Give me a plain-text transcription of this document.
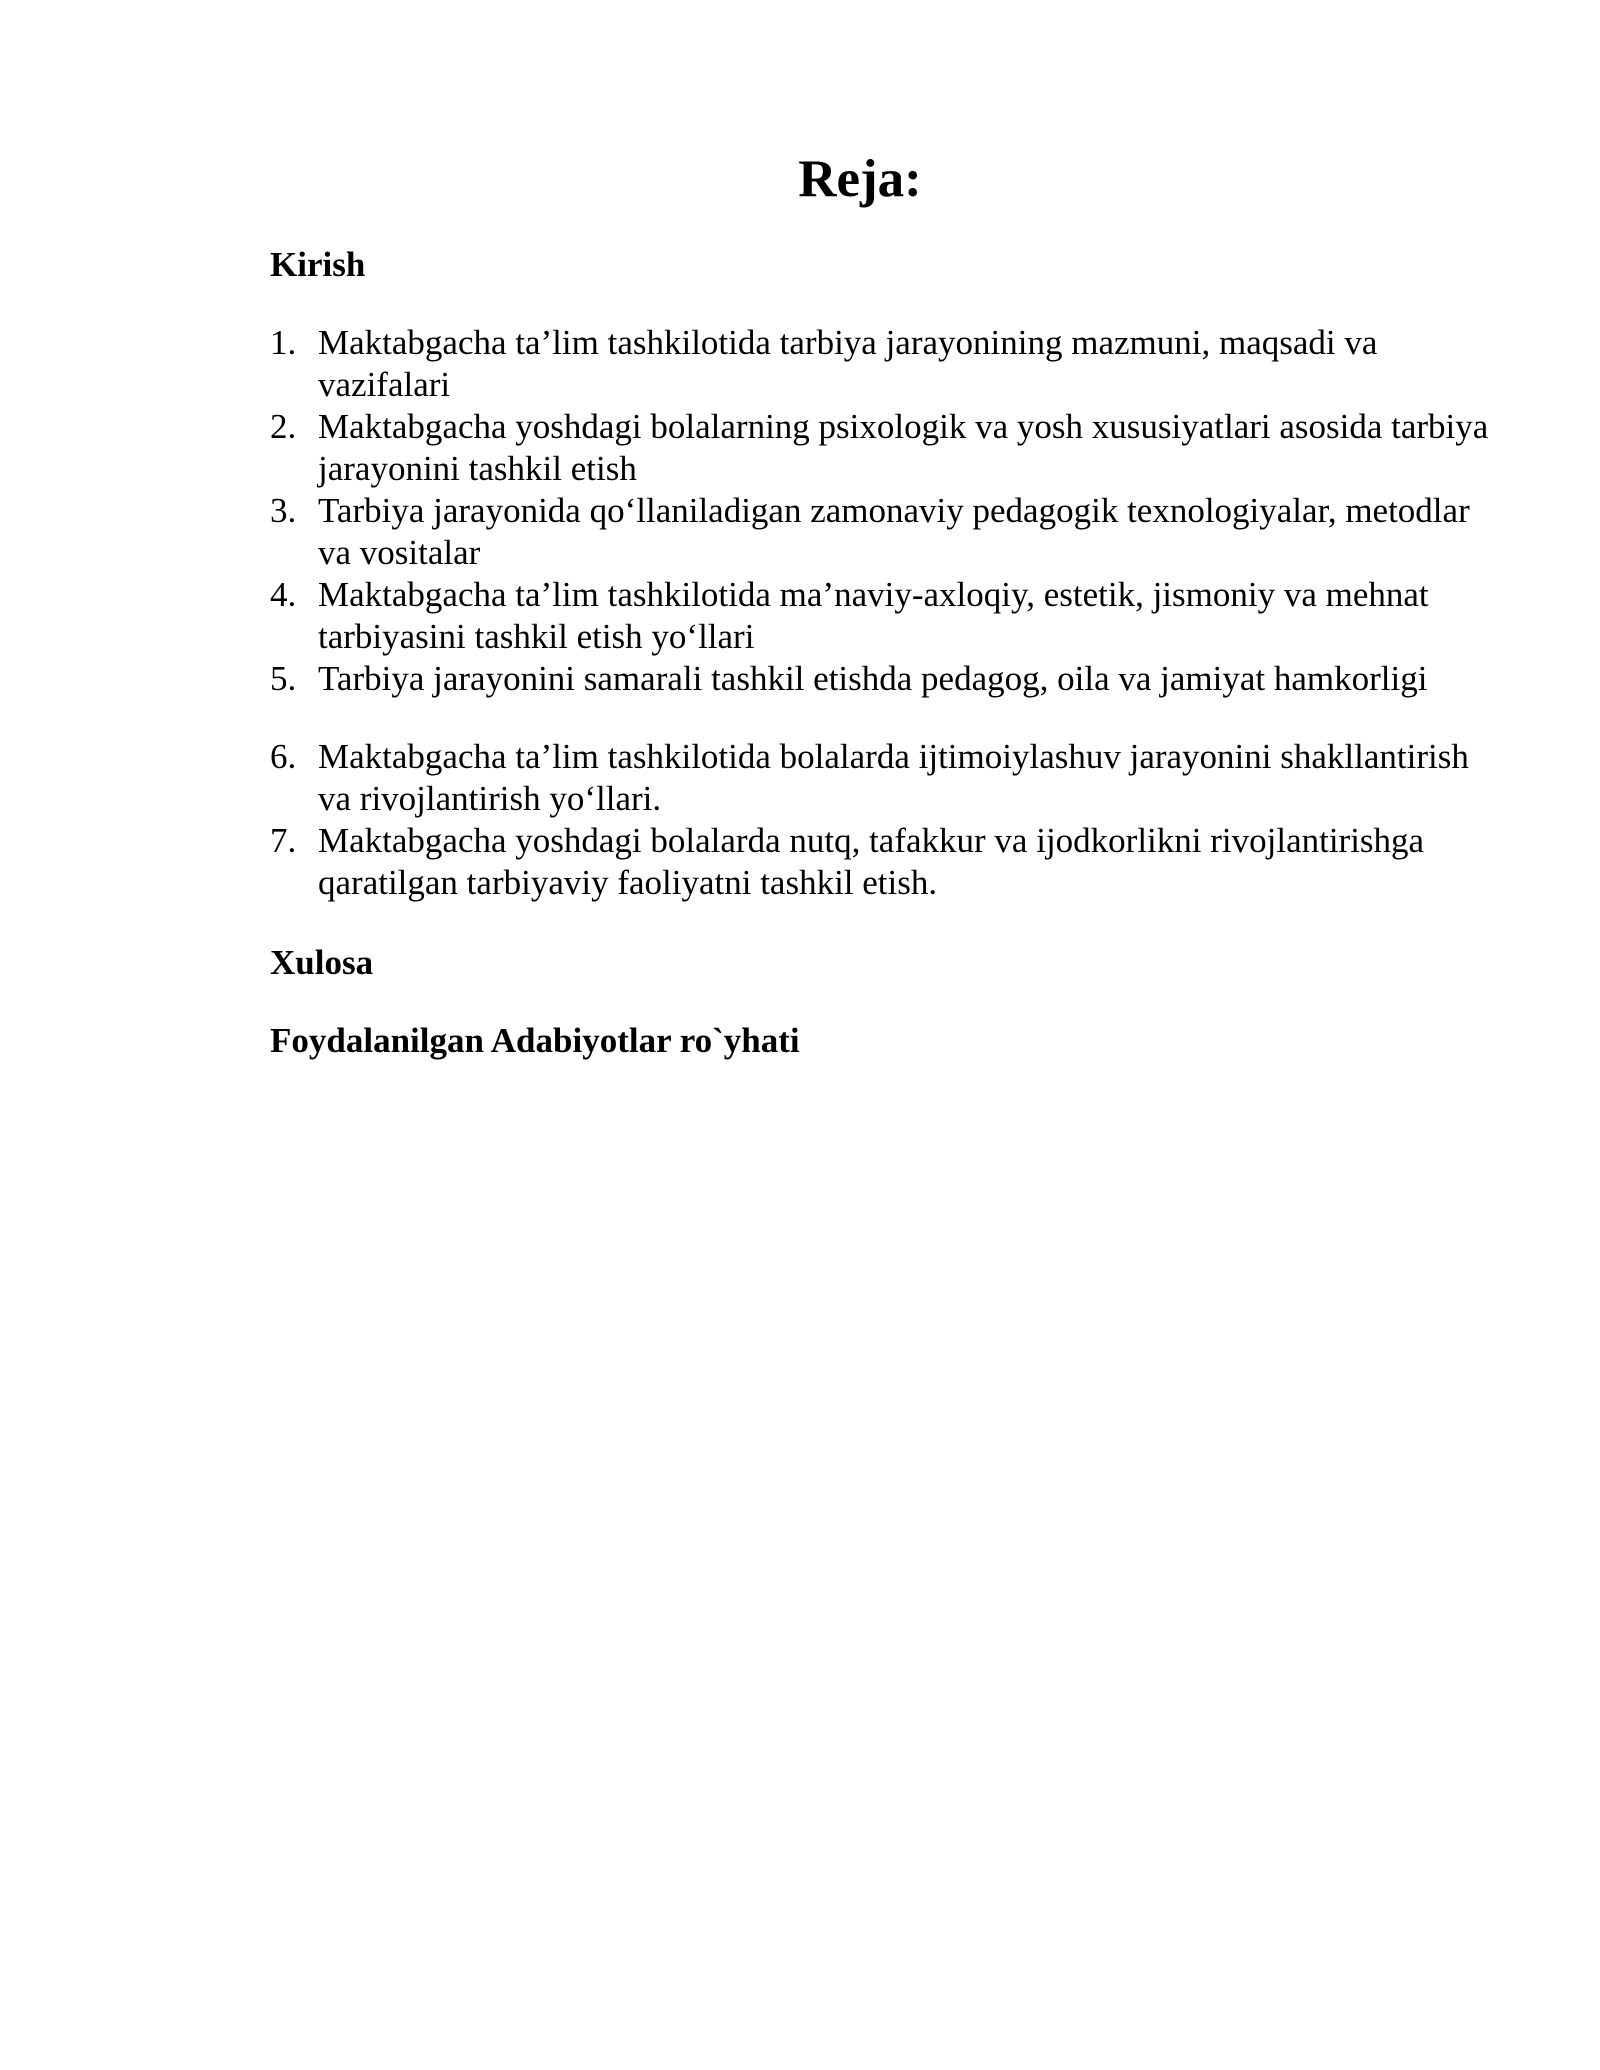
Reja:

Kirish

1. Maktabgacha ta’lim tashkilotida tarbiya jarayonining mazmuni, maqsadi va vazifalari
2. Maktabgacha yoshdagi bolalarning psixologik va yosh xususiyatlari asosida tarbiya jarayonini tashkil etish
3. Tarbiya jarayonida qo‘llaniladigan zamonaviy pedagogik texnologiyalar, metodlar va vositalar
4. Maktabgacha ta’lim tashkilotida ma’naviy-axloqiy, estetik, jismoniy va mehnat tarbiyasini tashkil etish yo‘llari
5. Tarbiya jarayonini samarali tashkil etishda pedagog, oila va jamiyat hamkorligi
6. Maktabgacha ta’lim tashkilotida bolalarda ijtimoiylashuv jarayonini shakllantirish va rivojlantirish yo‘llari.
7. Maktabgacha yoshdagi bolalarda nutq, tafakkur va ijodkorlikni rivojlantirishga qaratilgan tarbiyaviy faoliyatni tashkil etish.

Xulosa

Foydalanilgan Adabiyotlar ro`yhati
